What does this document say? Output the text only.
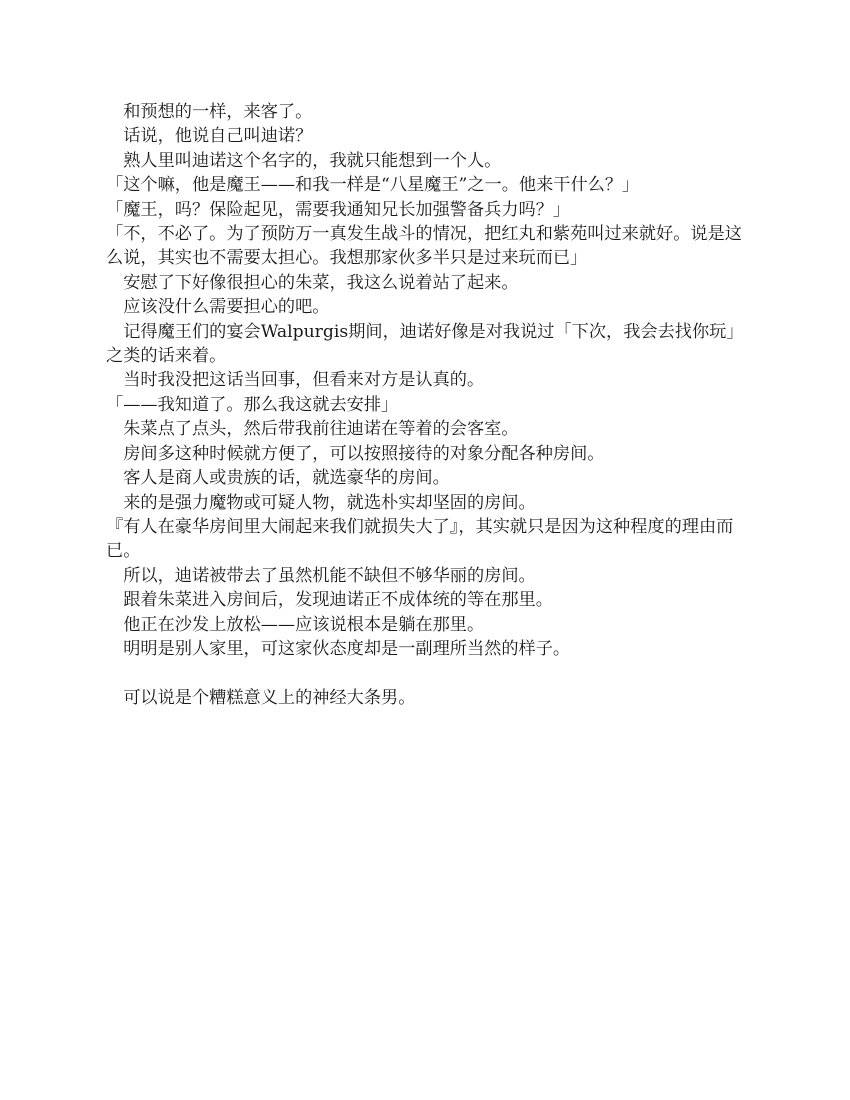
　和预想的一样，来客了。

　话说，他说自己叫迪诺？

　熟人里叫迪诺这个名字的，我就只能想到一个人。

「这个嘛，他是魔王——和我一样是“八星魔王”之一。他来干什么？」

「魔王，吗？保险起见，需要我通知兄长加强警备兵力吗？」

「不，不必了。为了预防万一真发生战斗的情况，把红丸和紫苑叫过来就好。说是这么说，其实也不需要太担心。我想那家伙多半只是过来玩而已」

　安慰了下好像很担心的朱菜，我这么说着站了起来。

　应该没什么需要担心的吧。

　记得魔王们的宴会Walpurgis期间，迪诺好像是对我说过「下次，我会去找你玩」之类的话来着。

　当时我没把这话当回事，但看来对方是认真的。

「——我知道了。那么我这就去安排」

　朱菜点了点头，然后带我前往迪诺在等着的会客室。

　房间多这种时候就方便了，可以按照接待的对象分配各种房间。

　客人是商人或贵族的话，就选豪华的房间。

　来的是强力魔物或可疑人物，就选朴实却坚固的房间。

『有人在豪华房间里大闹起来我们就损失大了』，其实就只是因为这种程度的理由而已。

　所以，迪诺被带去了虽然机能不缺但不够华丽的房间。

　跟着朱菜进入房间后，发现迪诺正不成体统的等在那里。

　他正在沙发上放松——应该说根本是躺在那里。

　明明是别人家里，可这家伙态度却是一副理所当然的样子。

　可以说是个糟糕意义上的神经大条男。
